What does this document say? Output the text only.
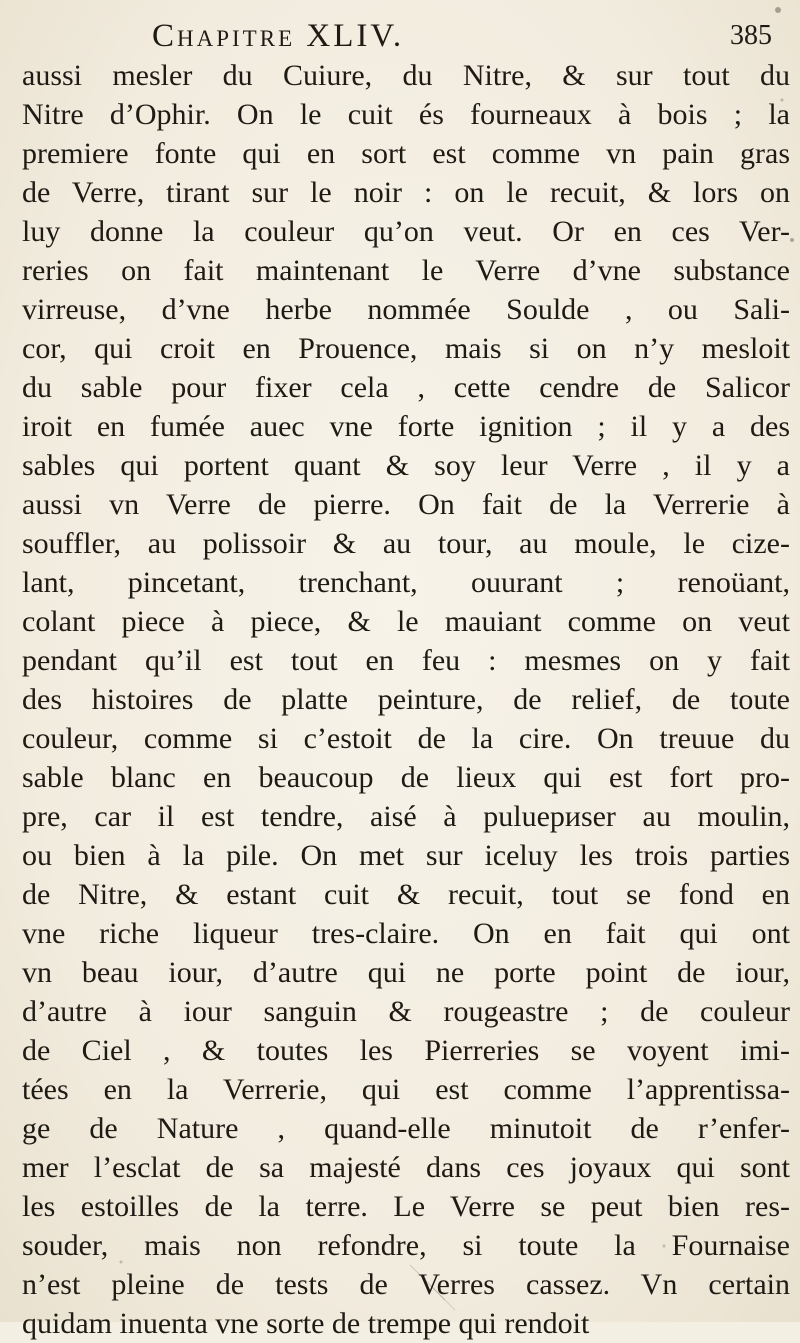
Chapitre XLIV.	385
aussi mesler du Cuiure, du Nitre, & sur tout du
Nitre d’Ophir. On le cuit és fourneaux à bois ; la
premiere fonte qui en sort est comme vn pain gras
de Verre, tirant sur le noir : on le recuit, & lors on
luy donne la couleur qu’on veut. Or en ces Ver-
reries on fait maintenant le Verre d’vne substance
virreuse, d’vne herbe nommée Soulde , ou Sali-
cor, qui croit en Prouence, mais si on n’y mesloit
du sable pour fixer cela , cette cendre de Salicor
iroit en fumée auec vne forte ignition ; il y a des
sables qui portent quant & soy leur Verre , il y a
aussi vn Verre de pierre. On fait de la Verrerie à
souffler, au polissoir & au tour, au moule, le cize-
lant, pincetant, trenchant, ouurant ; renoüant,
colant piece à piece, & le mauiant comme on veut
pendant qu’il est tout en feu : mesmes on y fait
des histoires de platte peinture, de relief, de toute
couleur, comme si c’estoit de la cire. On treuue du
sable blanc en beaucoup de lieux qui est fort pro-
pre, car il est tendre, aisé à puluериser au moulin,
ou bien à la pile. On met sur iceluy les trois parties
de Nitre, & estant cuit & recuit, tout se fond en
vne riche liqueur tres-claire. On en fait qui ont
vn beau iour, d’autre qui ne porte point de iour,
d’autre à iour sanguin & rougeastre ; de couleur
de Ciel , & toutes les Pierreries se voyent imi-
tées en la Verrerie, qui est comme l’apprentissa-
ge de Nature , quand-elle minutoit de r’enfer-
mer l’esclat de sa majesté dans ces joyaux qui sont
les estoilles de la terre. Le Verre se peut bien res-
souder, mais non refondre, si toute la Fournaise
n’est pleine de tests de Verres cassez. Vn certain
quidam inuenta vne sorte de trempe qui rendoit
